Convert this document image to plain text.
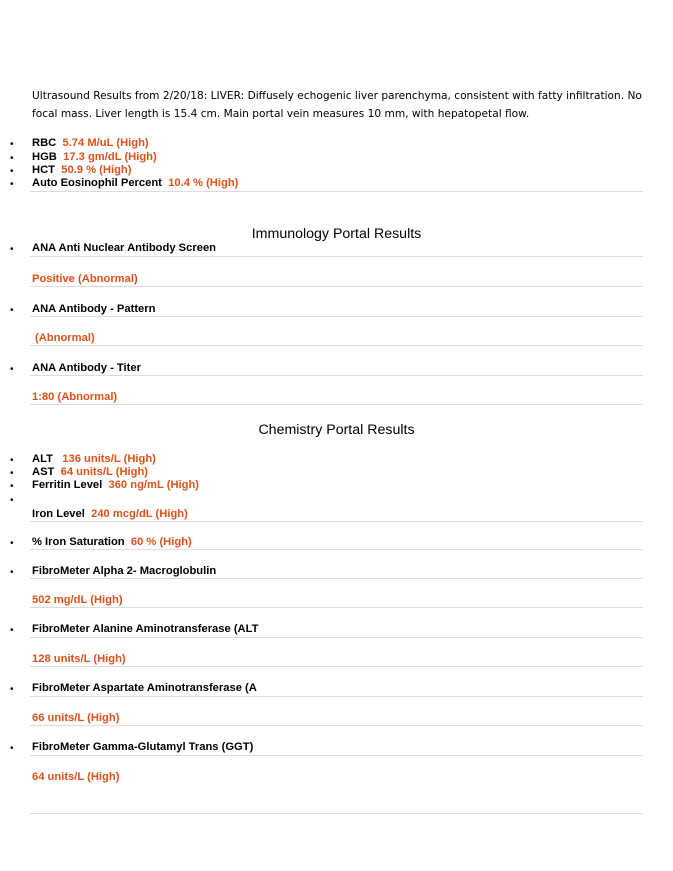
Ultrasound Results from 2/20/18: LIVER: Diffusely echogenic liver parenchyma, consistent with fatty infiltration. No focal mass. Liver length is 15.4 cm. Main portal vein measures 10 mm, with hepatopetal flow.
• RBC 5.74 M/uL (High)
• HGB 17.3 gm/dL (High)
• HCT 50.9 % (High)
• Auto Eosinophil Percent 10.4 % (High)
Immunology Portal Results
• ANA Anti Nuclear Antibody Screen
Positive (Abnormal)
• ANA Antibody - Pattern
(Abnormal)
• ANA Antibody - Titer
1:80 (Abnormal)
Chemistry Portal Results
• ALT 136 units/L (High)
• AST 64 units/L (High)
• Ferritin Level 360 ng/mL (High)
•
Iron Level 240 mcg/dL (High)
• % Iron Saturation 60 % (High)
• FibroMeter Alpha 2- Macroglobulin
502 mg/dL (High)
• FibroMeter Alanine Aminotransferase (ALT
128 units/L (High)
• FibroMeter Aspartate Aminotransferase (A
66 units/L (High)
• FibroMeter Gamma-Glutamyl Trans (GGT)
64 units/L (High)
